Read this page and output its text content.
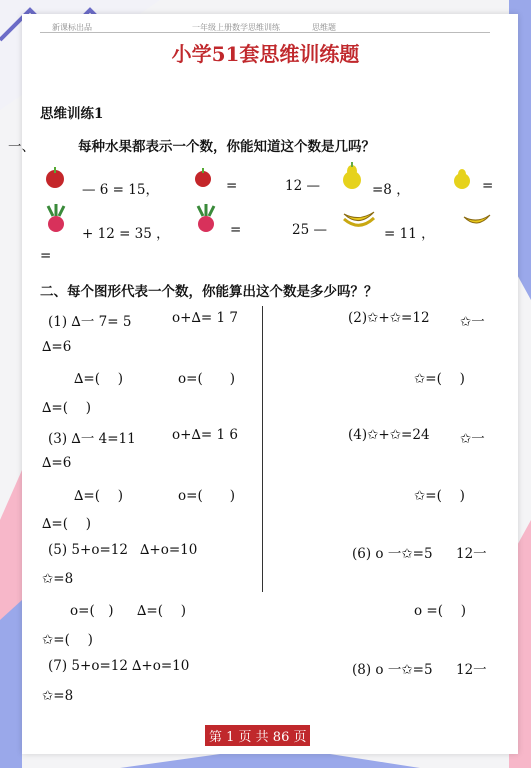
新课标出品	一年级上册数学思维训练	思维题
小学51套思维训练题
思维训练1
一、	每种水果都表示一个数，你能知道这个数是几吗？
— 6 = 15，	=	12 —	=8 ，	=
+ 12 = 35 ，	=	25 —	= 11 ，
=
二、每个图形代表一个数，你能算出这个数是多少吗？？
(1) ∆一 7= 5	o+∆= 1 7
∆=6
∆=(　 )	o=(　　)
∆=(　 )
(3) ∆一 4=11	o+∆= 1 6
∆=6
∆=(　 )	o=(　　)
∆=(　 )
(5) 5+o=12 ∆+o=10
✩=8
o=(　) ∆=(　 )
✩=(　 )
(7) 5+o=12 ∆+o=10
✩=8
(2)✩+✩=12 ✩一
✩=(　 )
(4)✩+✩=24 ✩一
✩=(　 )
(6) o 一✩=5 12一
o =(　 )
(8) o 一✩=5 12一
第 1 页 共 86 页
